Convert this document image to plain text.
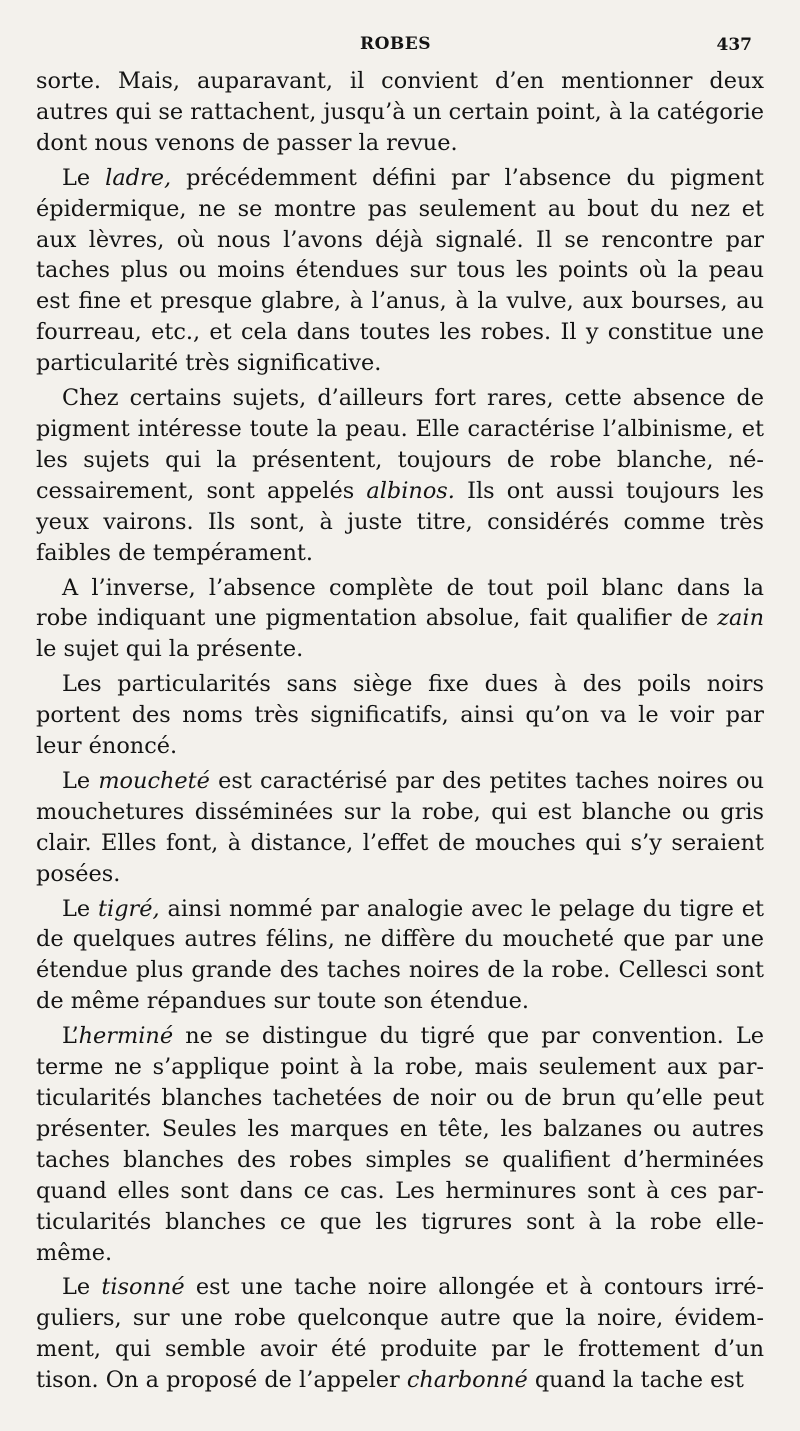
ROBES	437

sorte. Mais, auparavant, il convient d’en mentionner deux autres qui se rattachent, jusqu’à un certain point, à la catégorie dont nous venons de passer la revue.

Le ladre, précédemment défini par l’absence du pigment épidermique, ne se montre pas seulement au bout du nez et aux lèvres, où nous l’avons déjà signalé. Il se rencontre par taches plus ou moins étendues sur tous les points où la peau est fine et presque glabre, à l’anus, à la vulve, aux bourses, au fourreau, etc., et cela dans toutes les robes. Il y constitue une particularité très significative.

Chez certains sujets, d’ailleurs fort rares, cette absence de pigment intéresse toute la peau. Elle caractérise l’albinisme, et les sujets qui la présentent, toujours de robe blanche, nécessairement, sont appelés albinos. Ils ont aussi toujours les yeux vairons. Ils sont, à juste titre, considérés comme très faibles de tempérament.

A l’inverse, l’absence complète de tout poil blanc dans la robe indiquant une pigmentation absolue, fait qualifier de zain le sujet qui la présente.

Les particularités sans siège fixe dues à des poils noirs portent des noms très significatifs, ainsi qu’on va le voir par leur énoncé.

Le moucheté est caractérisé par des petites taches noires ou mouchetures disséminées sur la robe, qui est blanche ou gris clair. Elles font, à distance, l’effet de mouches qui s’y seraient posées.

Le tigré, ainsi nommé par analogie avec le pelage du tigre et de quelques autres félins, ne diffère du moucheté que par une étendue plus grande des taches noires de la robe. Cellesci sont de même répandues sur toute son étendue.

L’herminé ne se distingue du tigré que par convention. Le terme ne s’applique point à la robe, mais seulement aux particularités blanches tachetées de noir ou de brun qu’elle peut présenter. Seules les marques en tête, les balzanes ou autres taches blanches des robes simples se qualifient d’herminées quand elles sont dans ce cas. Les herminures sont à ces particularités blanches ce que les tigrures sont à la robe ellemême.

Le tisonné est une tache noire allongée et à contours irréguliers, sur une robe quelconque autre que la noire, évidemment, qui semble avoir été produite par le frottement d’un tison. On a proposé de l’appeler charbonné quand la tache est
